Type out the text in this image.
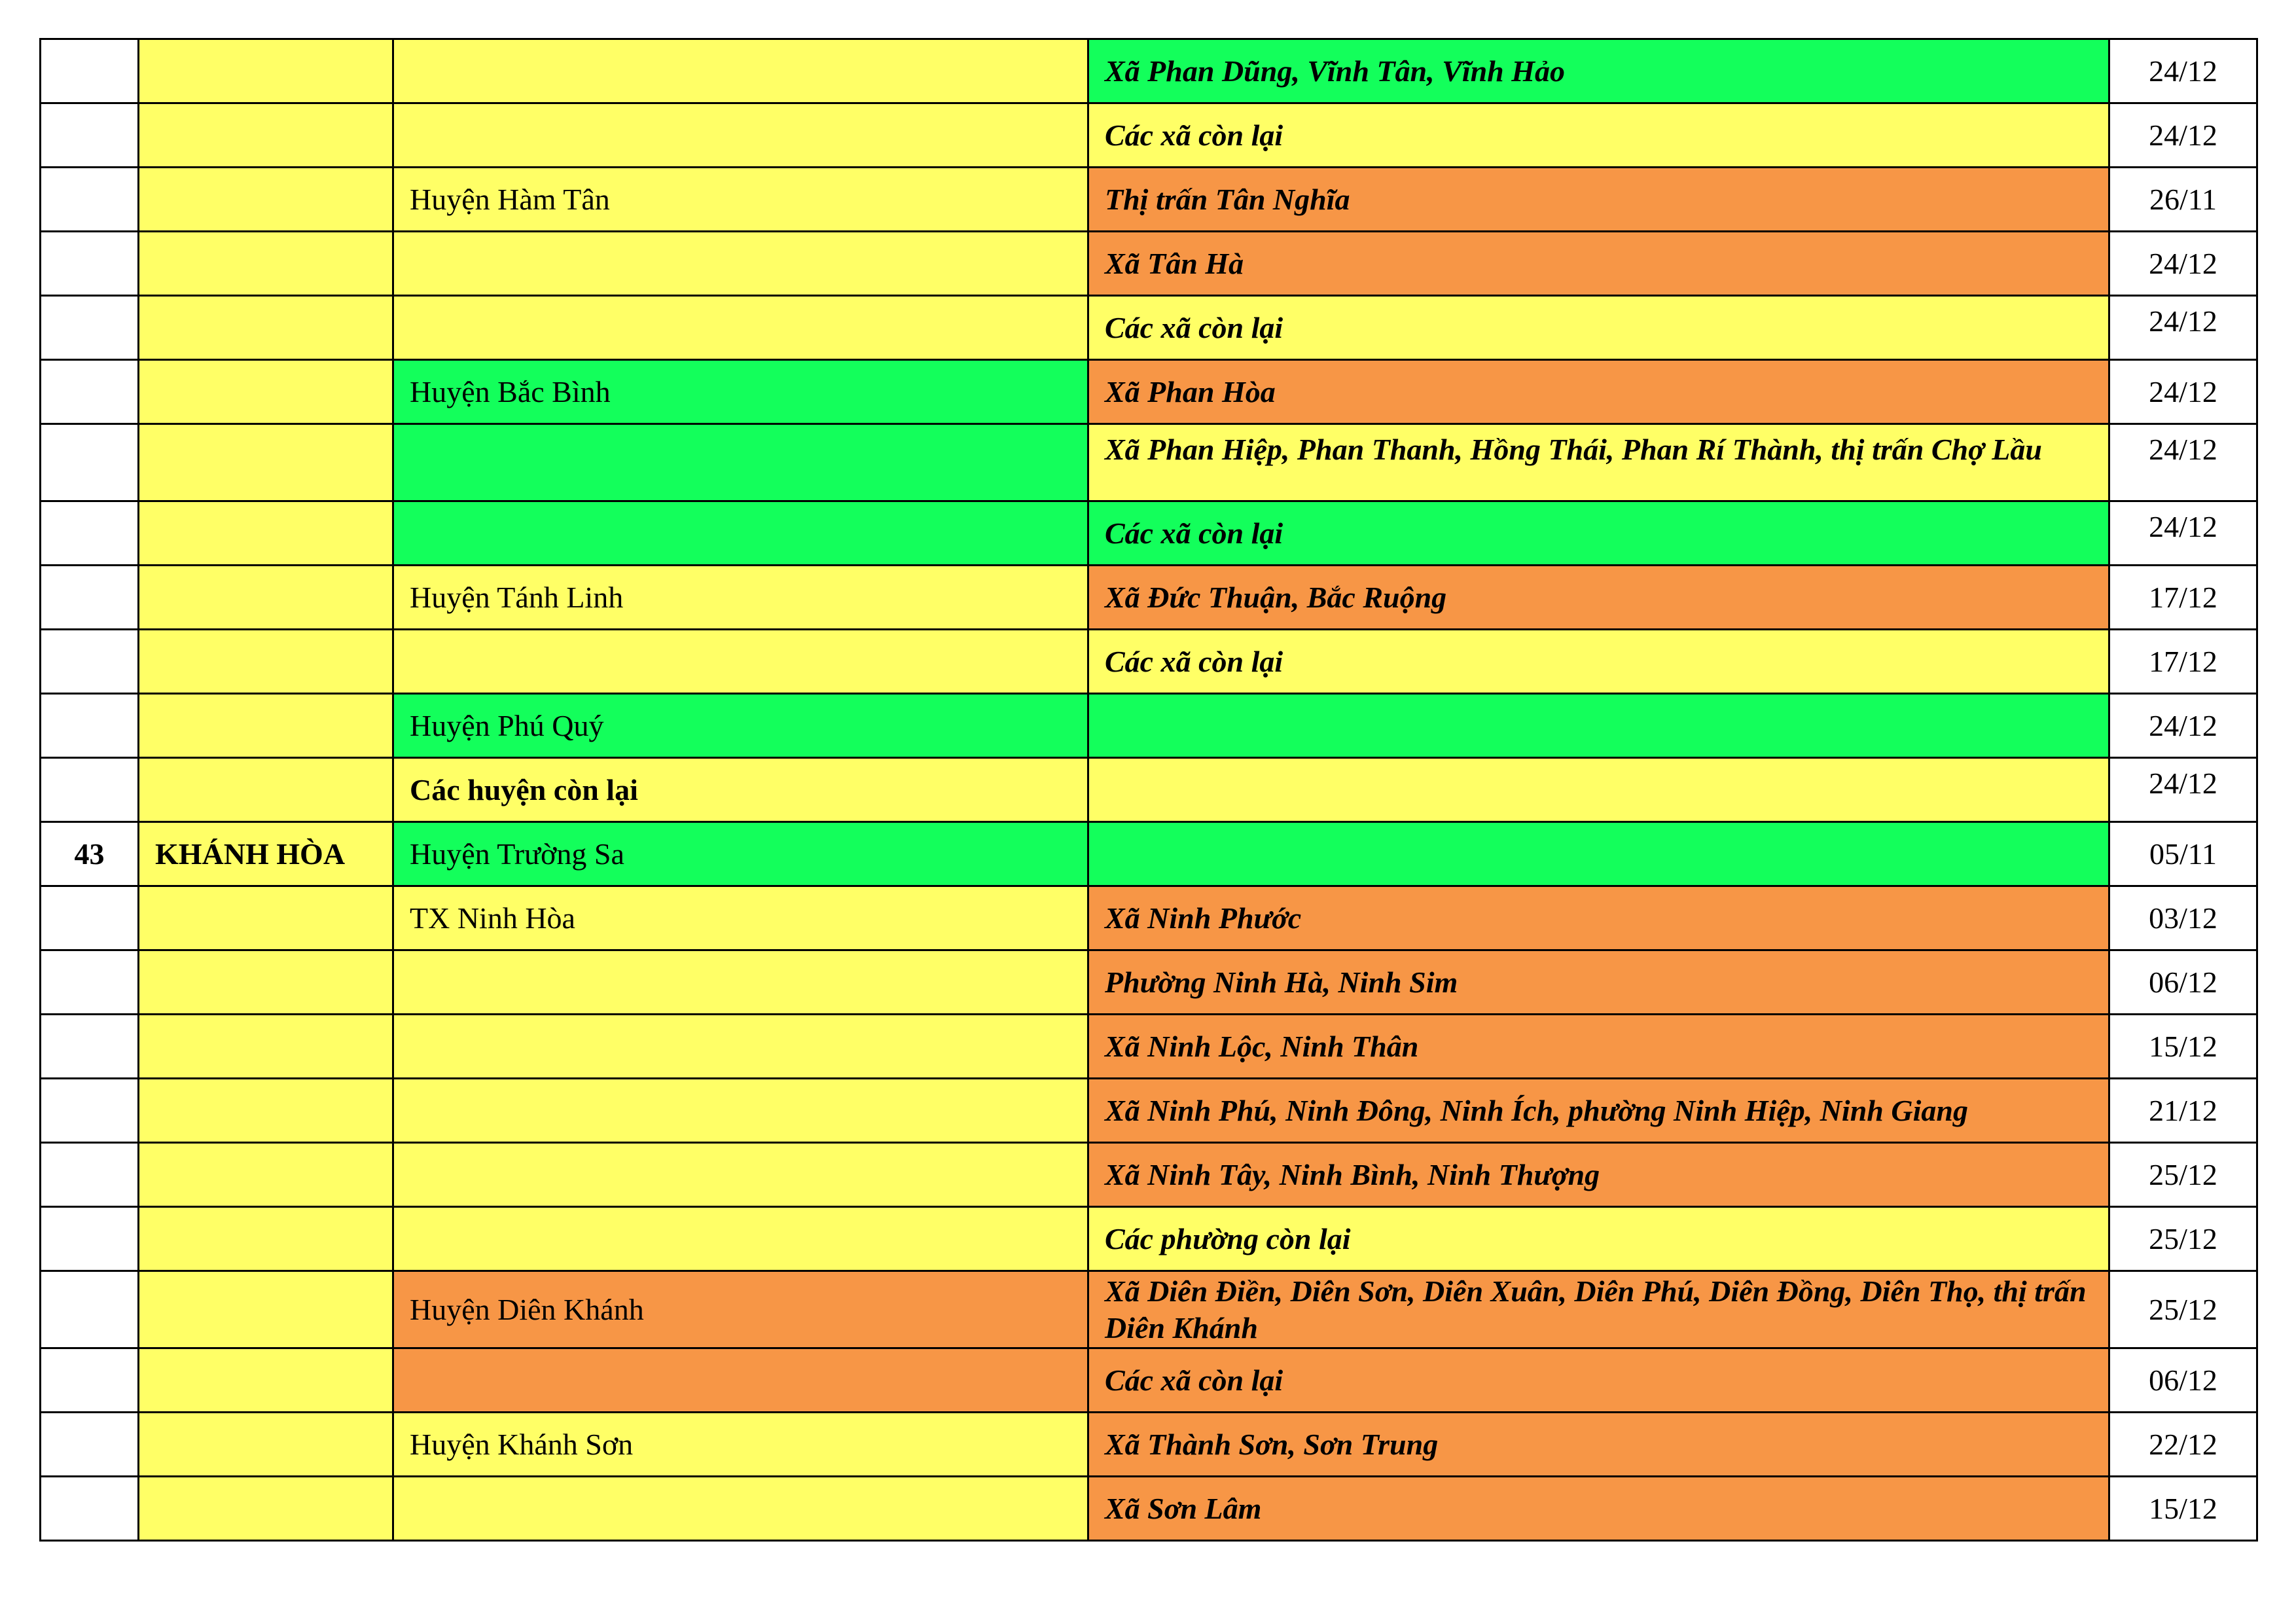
			Xã Phan Dũng, Vĩnh Tân, Vĩnh Hảo	24/12
			Các xã còn lại	24/12
		Huyện Hàm Tân	Thị trấn Tân Nghĩa	26/11
			Xã Tân Hà	24/12
			Các xã còn lại	24/12
		Huyện Bắc Bình	Xã Phan Hòa	24/12
			Xã Phan Hiệp, Phan Thanh, Hồng Thái, Phan Rí Thành, thị trấn Chợ Lầu	24/12
			Các xã còn lại	24/12
		Huyện Tánh Linh	Xã Đức Thuận, Bắc Ruộng	17/12
			Các xã còn lại	17/12
		Huyện Phú Quý		24/12
		Các huyện còn lại		24/12
43	KHÁNH HÒA	Huyện Trường Sa		05/11
		TX Ninh Hòa	Xã Ninh Phước	03/12
			Phường Ninh Hà, Ninh Sim	06/12
			Xã Ninh Lộc, Ninh Thân	15/12
			Xã Ninh Phú, Ninh Đông, Ninh Ích, phường Ninh Hiệp, Ninh Giang	21/12
			Xã Ninh Tây, Ninh Bình, Ninh Thượng	25/12
			Các phường còn lại	25/12
		Huyện Diên Khánh	Xã Diên Điền, Diên Sơn, Diên Xuân, Diên Phú, Diên Đồng, Diên Thọ, thị trấn Diên Khánh	25/12
			Các xã còn lại	06/12
		Huyện Khánh Sơn	Xã Thành Sơn, Sơn Trung	22/12
			Xã Sơn Lâm	15/12
